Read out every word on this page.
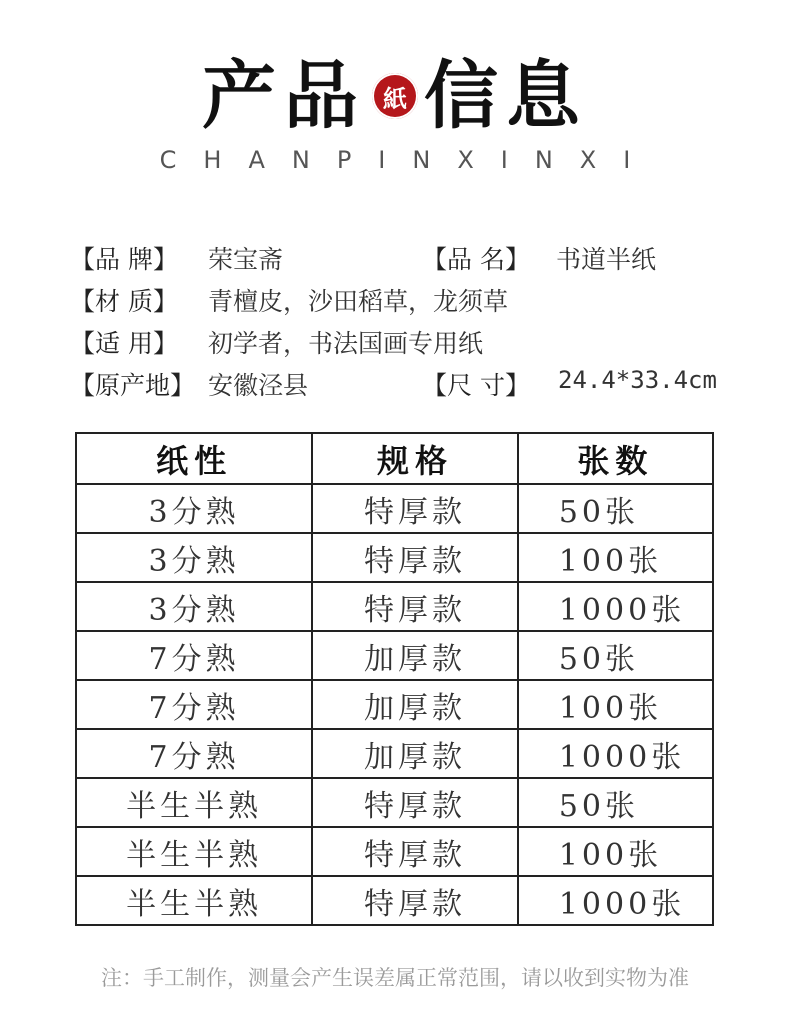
产品 紙 信息
CHANPINXINXI
【品 牌】 荣宝斋	【品 名】 书道半纸
【材 质】 青檀皮，沙田稻草，龙须草
【适 用】 初学者，书法国画专用纸
【原产地】 安徽泾县	【尺 寸】 24.4*33.4cm
纸性	规格	张数
3分熟	特厚款	50张
3分熟	特厚款	100张
3分熟	特厚款	1000张
7分熟	加厚款	50张
7分熟	加厚款	100张
7分熟	加厚款	1000张
半生半熟	特厚款	50张
半生半熟	特厚款	100张
半生半熟	特厚款	1000张
注：手工制作，测量会产生误差属正常范围，请以收到实物为准
